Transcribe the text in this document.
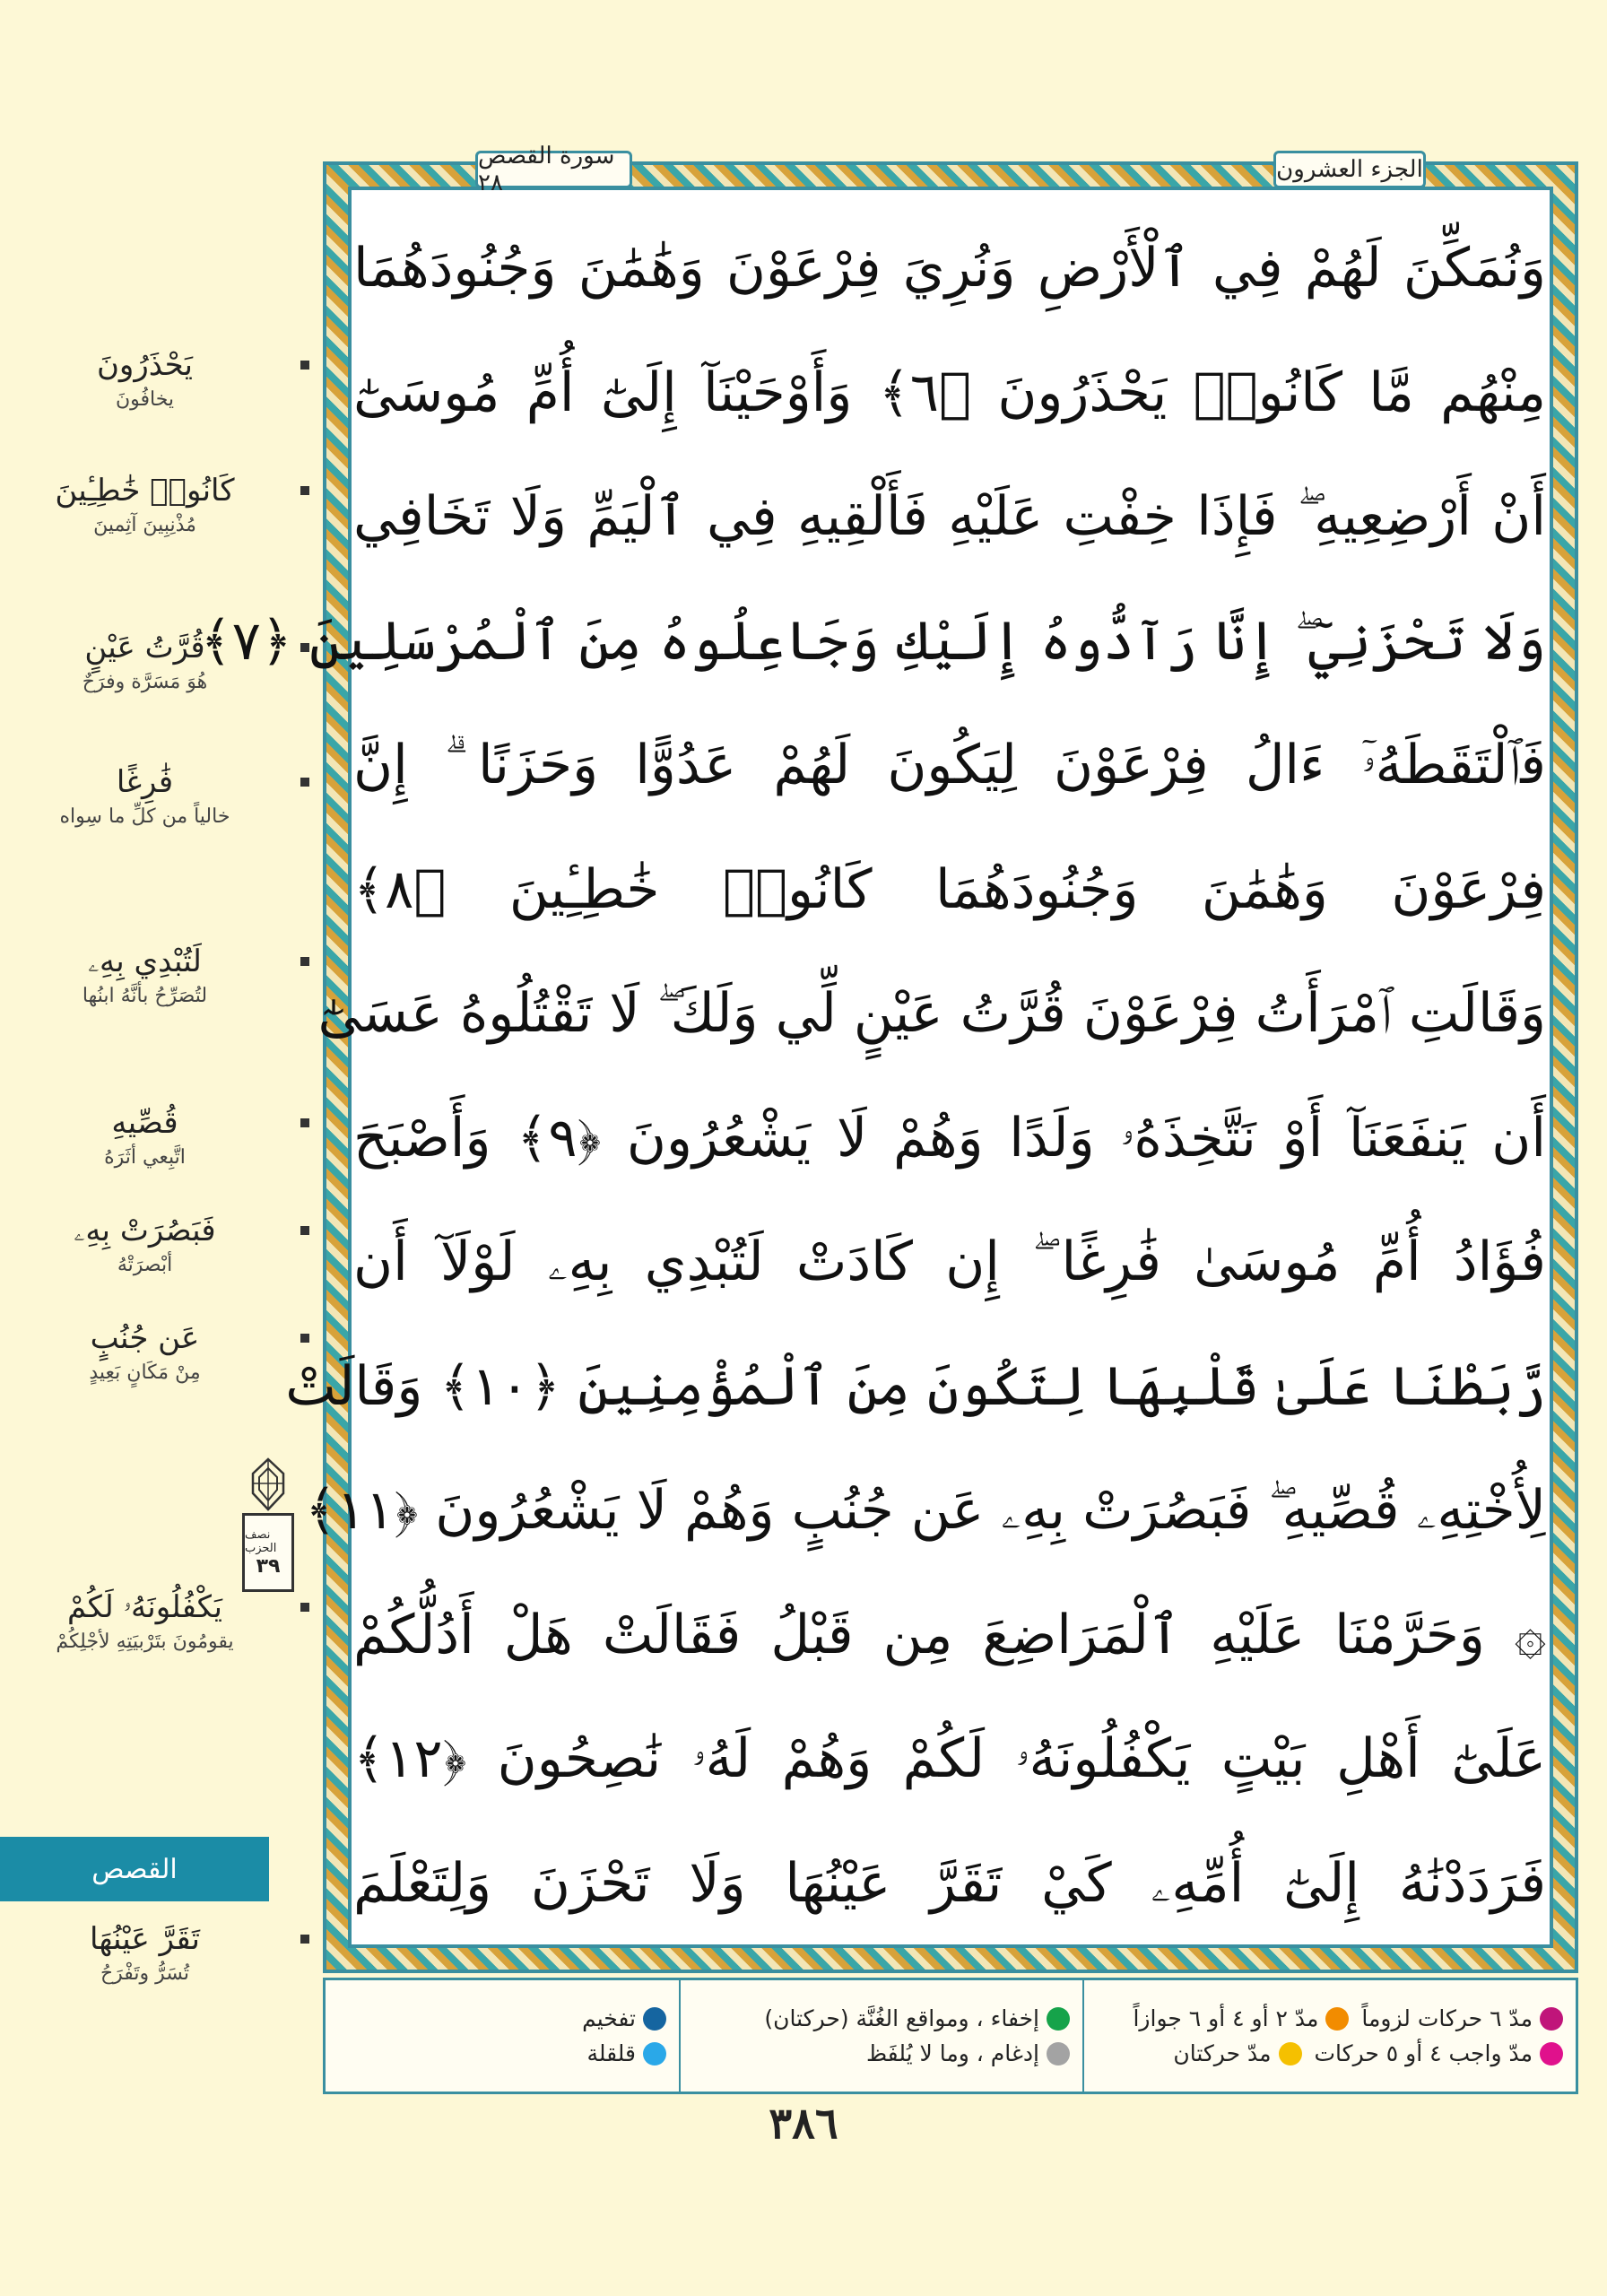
يَحْذَرُونَ
يخافُونَ
كَانُوا۟ خَٰطِـِٔينَ
مُذْنِبِينَ آثِمينَ
قُرَّتُ عَيْنٍ
هُوَ مَسَرَّة وفرَحٌ
فَٰرِغًا
خالياً من كلِّ ما سِواه
لَتُبْدِي بِهِۦ
لتُصَرِّحُ بأنَّهُ ابنُها
قُصِّيهِ
اتَّبِعي أثَرَهُ
فَبَصُرَتْ بِهِۦ
أبْصرَتْهُ
عَن جُنُبٍ
مِنْ مَكَانٍ بَعِيدٍ
يَكْفُلُونَهُۥ لَكُمْ
يقومُونَ بتَرْبيَتِهِ لأجْلِكُمْ
تَقَرَّ عَيْنُهَا
تُسَرُّ وتَفْرَحُ
نصف الحزب
٣٩
القصص
سورة القصص ٢٨	الجزء العشرون
وَنُمَكِّنَ لَهُمْ فِي ٱلْأَرْضِ وَنُرِيَ فِرْعَوْنَ وَهَٰمَٰنَ وَجُنُودَهُمَا
مِنْهُم مَّا كَانُوا۟ يَحْذَرُونَ ﴿٦﴾ وَأَوْحَيْنَآ إِلَىٰٓ أُمِّ مُوسَىٰٓ
أَنْ أَرْضِعِيهِ ۖ فَإِذَا خِفْتِ عَلَيْهِ فَأَلْقِيهِ فِي ٱلْيَمِّ وَلَا تَخَافِي
وَلَا تَحْزَنِيٓ ۖ إِنَّا رَآدُّوهُ إِلَيْكِ وَجَاعِلُوهُ مِنَ ٱلْمُرْسَلِينَ ﴿٧﴾
فَٱلْتَقَطَهُۥٓ ءَالُ فِرْعَوْنَ لِيَكُونَ لَهُمْ عَدُوًّا وَحَزَنًا ۗ إِنَّ
فِرْعَوْنَ وَهَٰمَٰنَ وَجُنُودَهُمَا كَانُوا۟ خَٰطِـِٔينَ ﴿٨﴾
وَقَالَتِ ٱمْرَأَتُ فِرْعَوْنَ قُرَّتُ عَيْنٍ لِّي وَلَكَ ۖ لَا تَقْتُلُوهُ عَسَىٰٓ
أَن يَنفَعَنَآ أَوْ نَتَّخِذَهُۥ وَلَدًا وَهُمْ لَا يَشْعُرُونَ ﴿٩﴾ وَأَصْبَحَ
فُؤَادُ أُمِّ مُوسَىٰ فَٰرِغًا ۖ إِن كَادَتْ لَتُبْدِي بِهِۦ لَوْلَآ أَن
رَّبَطْنَا عَلَىٰ قَلْبِهَا لِتَكُونَ مِنَ ٱلْمُؤْمِنِينَ ﴿١٠﴾ وَقَالَتْ
لِأُخْتِهِۦ قُصِّيهِ ۖ فَبَصُرَتْ بِهِۦ عَن جُنُبٍ وَهُمْ لَا يَشْعُرُونَ ﴿١١﴾
۞ وَحَرَّمْنَا عَلَيْهِ ٱلْمَرَاضِعَ مِن قَبْلُ فَقَالَتْ هَلْ أَدُلُّكُمْ
عَلَىٰٓ أَهْلِ بَيْتٍ يَكْفُلُونَهُۥ لَكُمْ وَهُمْ لَهُۥ نَٰصِحُونَ ﴿١٢﴾
فَرَدَدْنَٰهُ إِلَىٰٓ أُمِّهِۦ كَيْ تَقَرَّ عَيْنُهَا وَلَا تَحْزَنَ وَلِتَعْلَمَ
مدّ ٦ حركات لزوماً
مدّ ٢ أو ٤ أو ٦ جوازاً
مدّ واجب ٤ أو ٥ حركات
مدّ حركتان
إخفاء ، ومواقع الغُنَّة (حركتان)
إدغام ، وما لا يُلفَظ
تفخيم
قلقلة
٣٨٦
